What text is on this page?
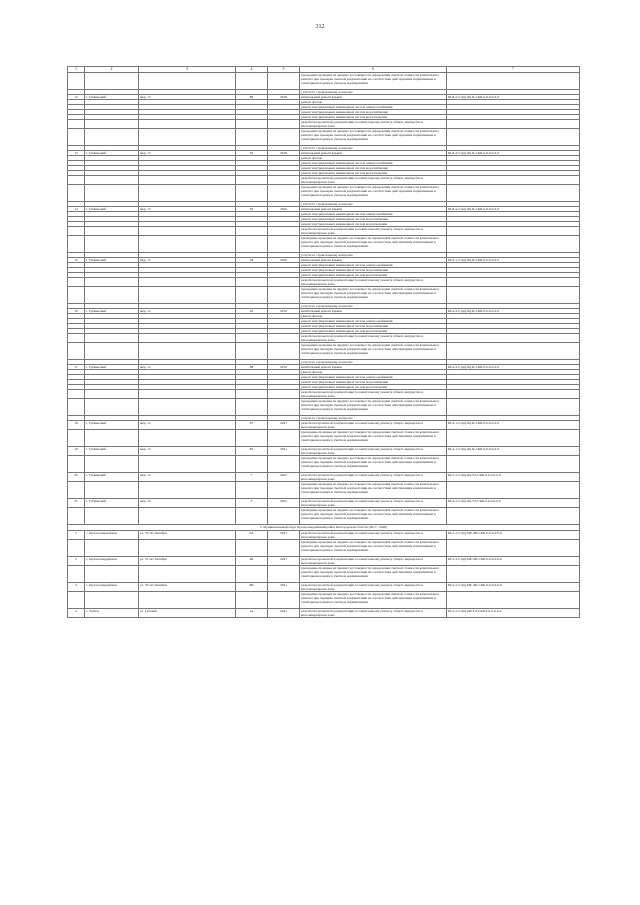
312
1	2	3	4	5	6	7
					проведение проверки на предмет достоверности определения сметной стоимости капитального ремонта при проверке сметной документации на соответствие действующим нормативным и санитарным нормам в сметном нормировании	
					услуги по строительному контролю	
12	г. Губкинский	мкр. 13	89	2018	капитальный ремонт крыши	Ш-8-2-Ст(н)-Ф(-Ц-СКБ-0-0-0-0-0-0
					ремонт фасада	
					ремонт внутридомовых инженерных систем электроснабжения	
					ремонт внутридомовых инженерных систем водоснабжения	
					ремонт внутридомовых инженерных систем водоотведения	
					разработка проектной документации по капитальному ремонту общего имущества в многоквартирном доме	
					проведение проверки на предмет достоверности определения сметной стоимости капитального ремонта при проверке сметной документации на соответствие действующим нормативным и санитарным нормам в сметном нормировании	
					услуги по строительному контролю	
13	г. Губкинский	мкр. 13	92	2018	капитальный ремонт крыши	Ш-8-3-Ст(н)-Ф(-Ц-СКБ-0-0-0-0-0-0
					ремонт фасада	
					ремонт внутридомовых инженерных систем электроснабжения	
					ремонт внутридомовых инженерных систем водоснабжения	
					ремонт внутридомовых инженерных систем водоотведения	
					разработка проектной документации по капитальному ремонту общего имущества в многоквартирном доме	
					проведение проверки на предмет достоверности определения сметной стоимости капитального ремонта при проверке сметной документации на соответствие действующим нормативным и санитарным нормам в сметном нормировании	
					услуги по строительному контролю	
14	г. Губкинский	мкр. 13	93	2020	капитальный ремонт крыши	Ш-8-4-Ст(н)-Ф(-Ц-СКБ-0-0-0-0-0-0
					ремонт внутридомовых инженерных систем электроснабжения	
					ремонт внутридомовых инженерных систем водоснабжения	
					ремонт внутридомовых инженерных систем водоотведения	
					разработка проектной документации по капитальному ремонту общего имущества в многоквартирном доме	
					проведение проверки на предмет достоверности определения сметной стоимости капитального ремонта при проверке сметной документации на соответствие действующим нормативным и санитарным нормам в сметном нормировании	
					услуги по строительному контролю	
15	г. Губкинский	мкр. 13	94	2020	капитальный ремонт крыши	Ш-4-1-Ст(н)-Ф(-Ц-СКБ-0-0-0-0-0-0
					ремонт внутридомовых инженерных систем электроснабжения	
					ремонт внутридомовых инженерных систем водоснабжения	
					ремонт внутридомовых инженерных систем водоотведения	
					разработка проектной документации по капитальному ремонту общего имущества в многоквартирном доме	
					проведение проверки на предмет достоверности определения сметной стоимости капитального ремонта при проверке сметной документации на соответствие действующим нормативным и санитарным нормам в сметном нормировании	
					услуги по строительному контролю	
16	г. Губкинский	мкр. 13	95	2019	капитальный ремонт крыши	Ш-4-3-Ст(н)-Ф(-Ц-СКБ-0-0-0-0-0-0
					ремонт фасада	
					ремонт внутридомовых инженерных систем электроснабжения	
					ремонт внутридомовых инженерных систем водоснабжения	
					ремонт внутридомовых инженерных систем водоотведения	
					разработка проектной документации по капитальному ремонту общего имущества в многоквартирном доме	
					проведение проверки на предмет достоверности определения сметной стоимости капитального ремонта при проверке сметной документации на соответствие действующим нормативным и санитарным нормам в сметном нормировании	
					услуги по строительному контролю	
17	г. Губкинский	мкр. 13	88	2019	капитальный ремонт крыши	Ш-4-3-Ст(н)-Ф(-Ц-СКБ-0-0-0-0-0-0
					ремонт фасада	
					ремонт внутридомовых инженерных систем электроснабжения	
					ремонт внутридомовых инженерных систем водоснабжения	
					ремонт внутридомовых инженерных систем водоотведения	
					разработка проектной документации по капитальному ремонту общего имущества в многоквартирном доме	
					проведение проверки на предмет достоверности определения сметной стоимости капитального ремонта при проверке сметной документации на соответствие действующим нормативным и санитарным нормам в сметном нормировании	
					услуги по строительному контролю	
18	г. Губкинский	мкр. 13	87	2021	разработка проектной документации по капитальному ремонту общего имущества в многоквартирном доме	Ш-4-1-Ст(н)-Ф(-Ц-СКБ-0-0-0-0-0-0
					проведение проверки на предмет достоверности определения сметной стоимости капитального ремонта при проверке сметной документации на соответствие действующим нормативным и санитарным нормам в сметном нормировании	
19	г. Губкинский	мкр. 13	85	2021	разработка проектной документации по капитальному ремонту общего имущества в многоквартирном доме	Ш-4-1-Ст(н)-Ф(-Ц-СКБ-0-0-0-0-0-0
					проведение проверки на предмет достоверности определения сметной стоимости капитального ремонта при проверке сметной документации на соответствие действующим нормативным и санитарным нормам в сметном нормировании	
20	г. Губкинский	мкр. 14	7	2022	разработка проектной документации по капитальному ремонту общего имущества в многоквартирном доме	Ш-5-2-Ст(н)-Ф(-ТЭ-СКБ-0-0-0-0-0-0
					проведение проверки на предмет достоверности определения сметной стоимости капитального ремонта при проверке сметной документации на соответствие действующим нормативным и санитарным нормам в сметном нормировании	
21	г. Губкинский	мкр. 16	3	2022	разработка проектной документации по капитальному ремонту общего имущества в многоквартирном доме	Ш-4-5-Ст(н)-Ф(-ТЭ-СКБ-0-0-0-0-0-0
					проведение проверки на предмет достоверности определения сметной стоимости капитального ремонта при проверке сметной документации на соответствие действующим нормативным и санитарным нормам в сметном нормировании	
3. Муниципальный округ Красногвардейский район Белгородской области (2017 - 2020)						
1	с. Красногвардейское	ул. 70 лет Октября	6А	2021	разработка проектной документации по капитальному ремонту общего имущества в многоквартирном доме	Ш-2-2-Ст(н)-ПБ-ЛП-СКБ-0-0-0-0-0-0
					проведение проверки на предмет достоверности определения сметной стоимости капитального ремонта при проверке сметной документации на соответствие действующим нормативным и санитарным нормам в сметном нормировании	
2	с. Красногвардейское	ул. 70 лет Октября	6Б	2021	разработка проектной документации по капитальному ремонту общего имущества в многоквартирном доме	Ш-3-3-Ст(н)-ПБ-ЛП-СКБ-0-0-0-0-0-0
					проведение проверки на предмет достоверности определения сметной стоимости капитального ремонта при проверке сметной документации на соответствие действующим нормативным и санитарным нормам в сметном нормировании	
3	с. Красногвардейское	ул. 70 лет Октября	6В	2021	разработка проектной документации по капитальному ремонту общего имущества в многоквартирном доме	Ш-5-2-Ст(н)-ПБ-ЛП-СКБ-0-0-0-0-0-0
					проведение проверки на предмет достоверности определения сметной стоимости капитального ремонта при проверке сметной документации на соответствие действующим нормативным и санитарным нормам в сметном нормировании	
4	с. Толпаз	ул. Губкина	1А	2021	разработка проектной документации по капитальному ремонту общего имущества в многоквартирном доме	Ш-2-2-Ст(н)-ПБ-ТЭ-СКБ-0-0-0-0-0-0
